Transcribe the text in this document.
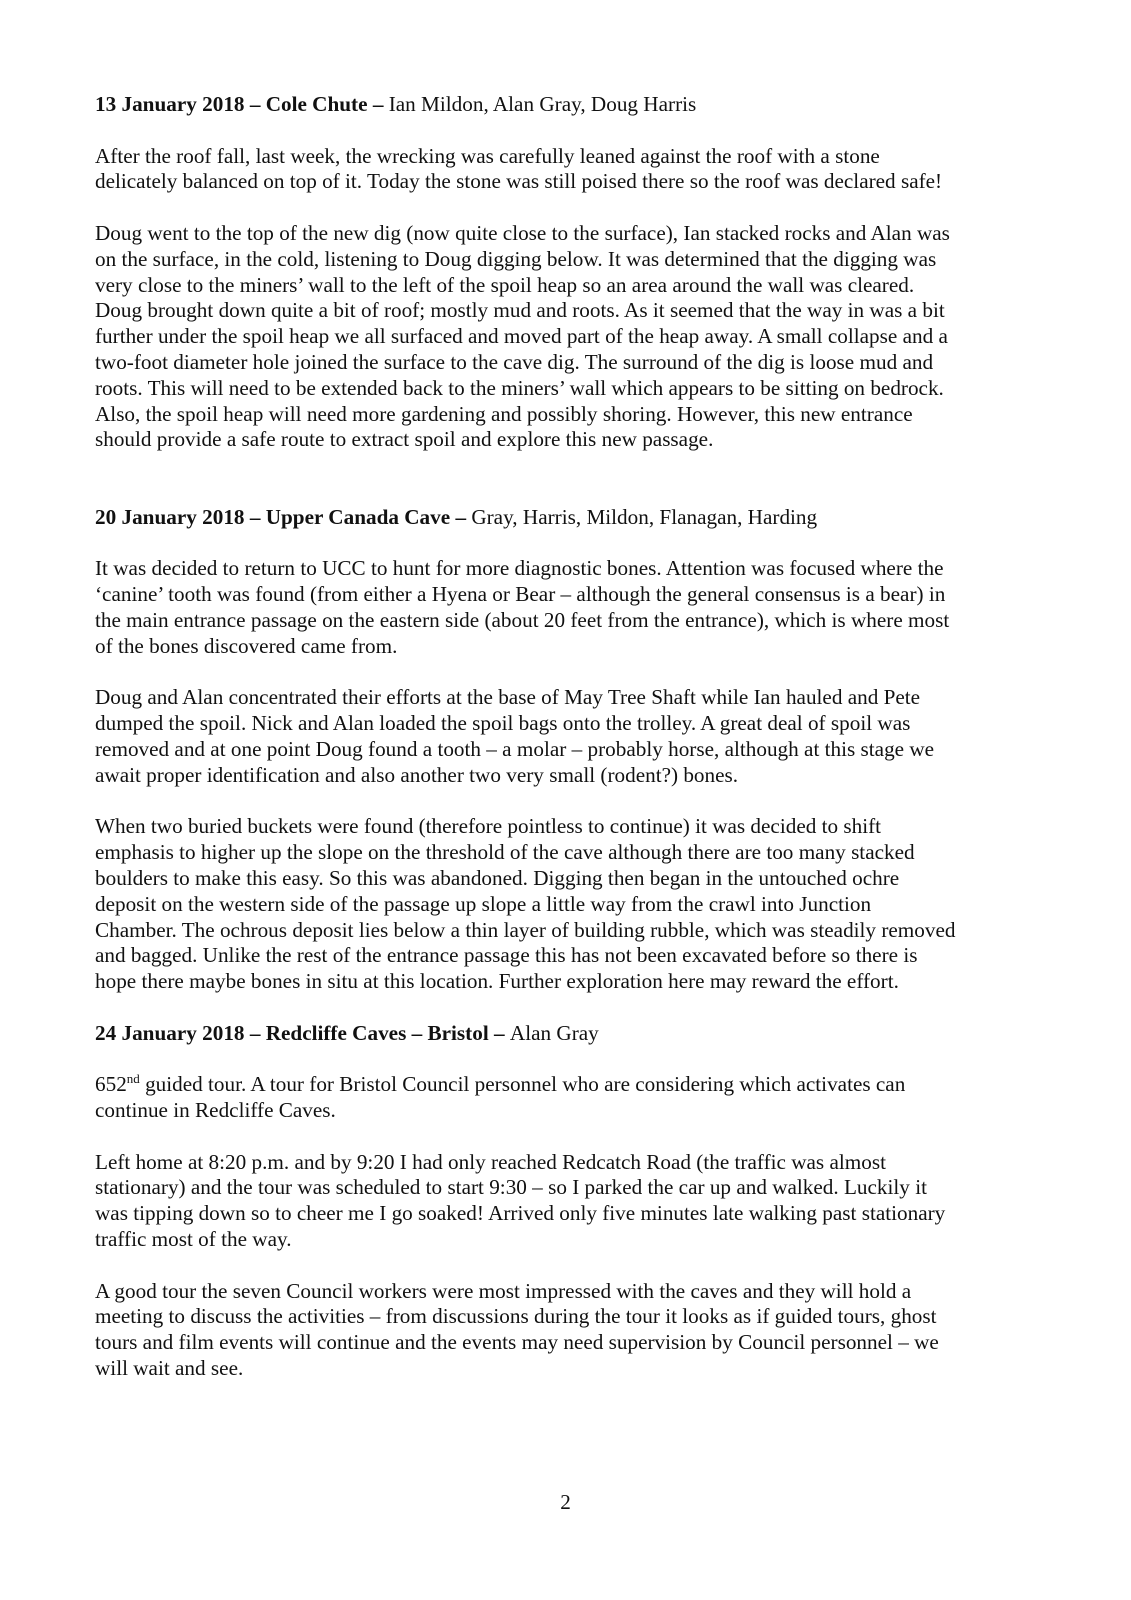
13 January 2018 – Cole Chute – Ian Mildon, Alan Gray, Doug Harris

After the roof fall, last week, the wrecking was carefully leaned against the roof with a stone
delicately balanced on top of it. Today the stone was still poised there so the roof was declared safe!

Doug went to the top of the new dig (now quite close to the surface), Ian stacked rocks and Alan was
on the surface, in the cold, listening to Doug digging below. It was determined that the digging was
very close to the miners’ wall to the left of the spoil heap so an area around the wall was cleared.
Doug brought down quite a bit of roof; mostly mud and roots. As it seemed that the way in was a bit
further under the spoil heap we all surfaced and moved part of the heap away. A small collapse and a
two-foot diameter hole joined the surface to the cave dig. The surround of the dig is loose mud and
roots. This will need to be extended back to the miners’ wall which appears to be sitting on bedrock.
Also, the spoil heap will need more gardening and possibly shoring. However, this new entrance
should provide a safe route to extract spoil and explore this new passage.

20 January 2018 – Upper Canada Cave – Gray, Harris, Mildon, Flanagan, Harding

It was decided to return to UCC to hunt for more diagnostic bones. Attention was focused where the
‘canine’ tooth was found (from either a Hyena or Bear – although the general consensus is a bear) in
the main entrance passage on the eastern side (about 20 feet from the entrance), which is where most
of the bones discovered came from.

Doug and Alan concentrated their efforts at the base of May Tree Shaft while Ian hauled and Pete
dumped the spoil. Nick and Alan loaded the spoil bags onto the trolley. A great deal of spoil was
removed and at one point Doug found a tooth – a molar – probably horse, although at this stage we
await proper identification and also another two very small (rodent?) bones.

When two buried buckets were found (therefore pointless to continue) it was decided to shift
emphasis to higher up the slope on the threshold of the cave although there are too many stacked
boulders to make this easy. So this was abandoned. Digging then began in the untouched ochre
deposit on the western side of the passage up slope a little way from the crawl into Junction
Chamber. The ochrous deposit lies below a thin layer of building rubble, which was steadily removed
and bagged. Unlike the rest of the entrance passage this has not been excavated before so there is
hope there maybe bones in situ at this location. Further exploration here may reward the effort.

24 January 2018 – Redcliffe Caves – Bristol – Alan Gray

652nd guided tour. A tour for Bristol Council personnel who are considering which activates can
continue in Redcliffe Caves.

Left home at 8:20 p.m. and by 9:20 I had only reached Redcatch Road (the traffic was almost
stationary) and the tour was scheduled to start 9:30 – so I parked the car up and walked. Luckily it
was tipping down so to cheer me I go soaked! Arrived only five minutes late walking past stationary
traffic most of the way.

A good tour the seven Council workers were most impressed with the caves and they will hold a
meeting to discuss the activities – from discussions during the tour it looks as if guided tours, ghost
tours and film events will continue and the events may need supervision by Council personnel – we
will wait and see.

2
